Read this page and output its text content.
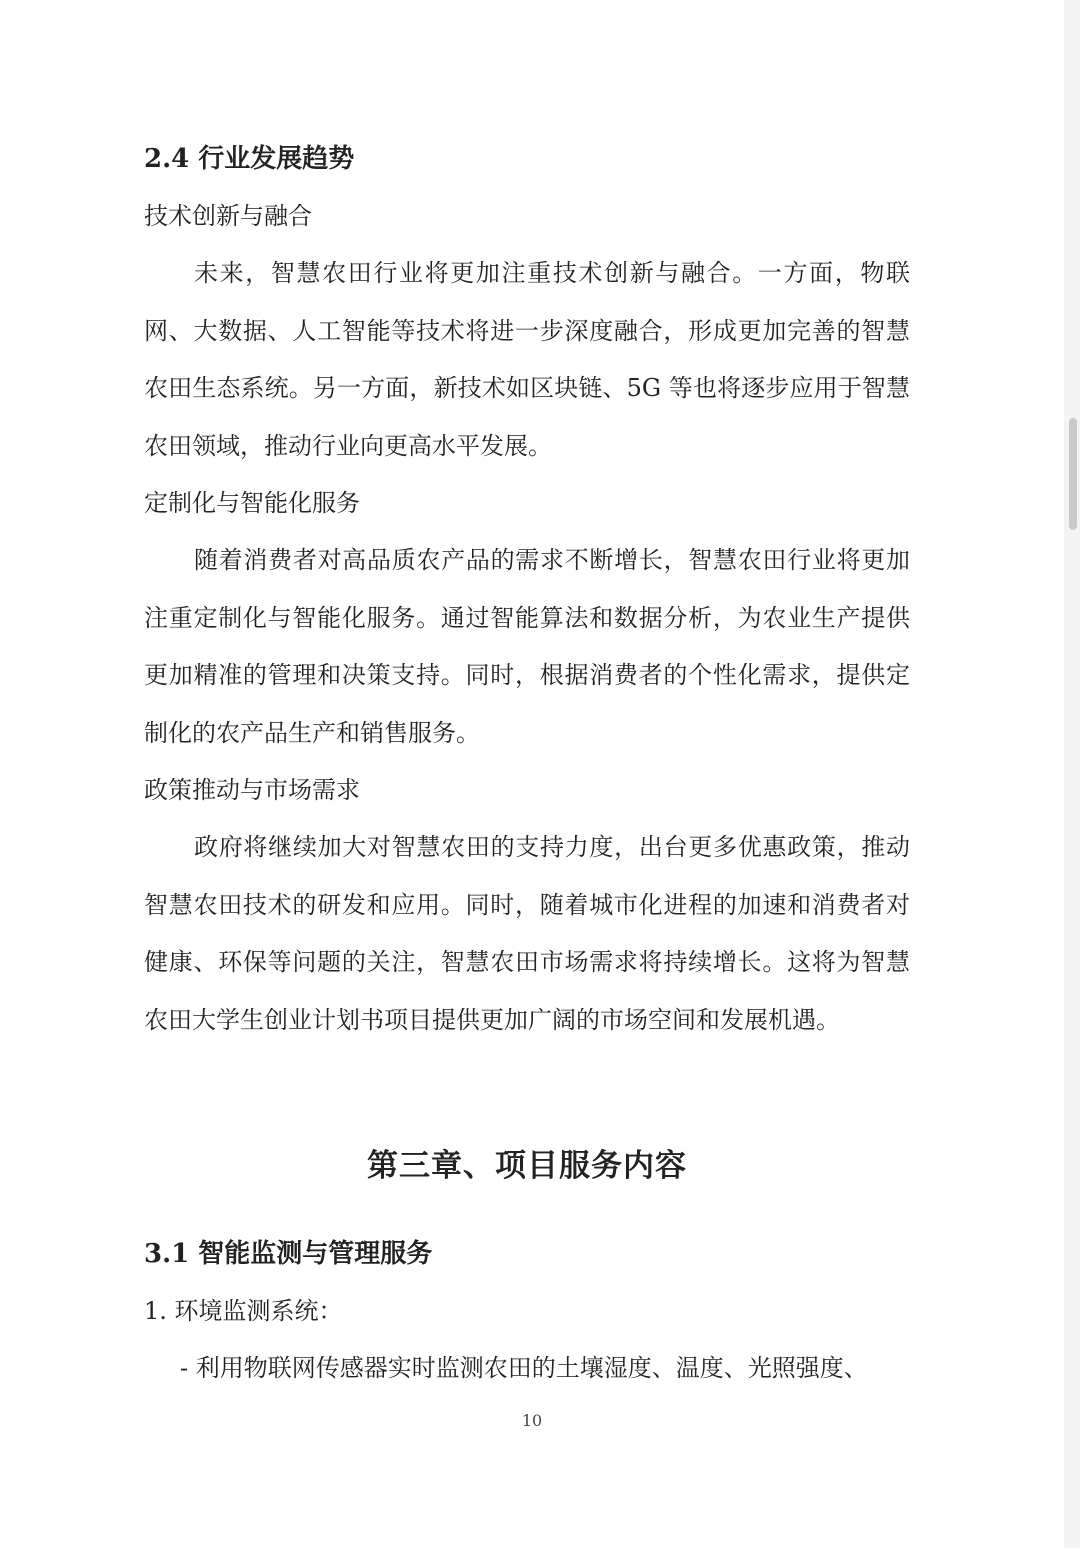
2.4 行业发展趋势
技术创新与融合
未来，智慧农田行业将更加注重技术创新与融合。一方面，物联网、大数据、人工智能等技术将进一步深度融合，形成更加完善的智慧农田生态系统。另一方面，新技术如区块链、5G 等也将逐步应用于智慧农田领域，推动行业向更高水平发展。
定制化与智能化服务
随着消费者对高品质农产品的需求不断增长，智慧农田行业将更加注重定制化与智能化服务。通过智能算法和数据分析，为农业生产提供更加精准的管理和决策支持。同时，根据消费者的个性化需求，提供定制化的农产品生产和销售服务。
政策推动与市场需求
政府将继续加大对智慧农田的支持力度，出台更多优惠政策，推动智慧农田技术的研发和应用。同时，随着城市化进程的加速和消费者对健康、环保等问题的关注，智慧农田市场需求将持续增长。这将为智慧农田大学生创业计划书项目提供更加广阔的市场空间和发展机遇。
第三章、项目服务内容
3.1 智能监测与管理服务
1. 环境监测系统：
- 利用物联网传感器实时监测农田的土壤湿度、温度、光照强度、
10
